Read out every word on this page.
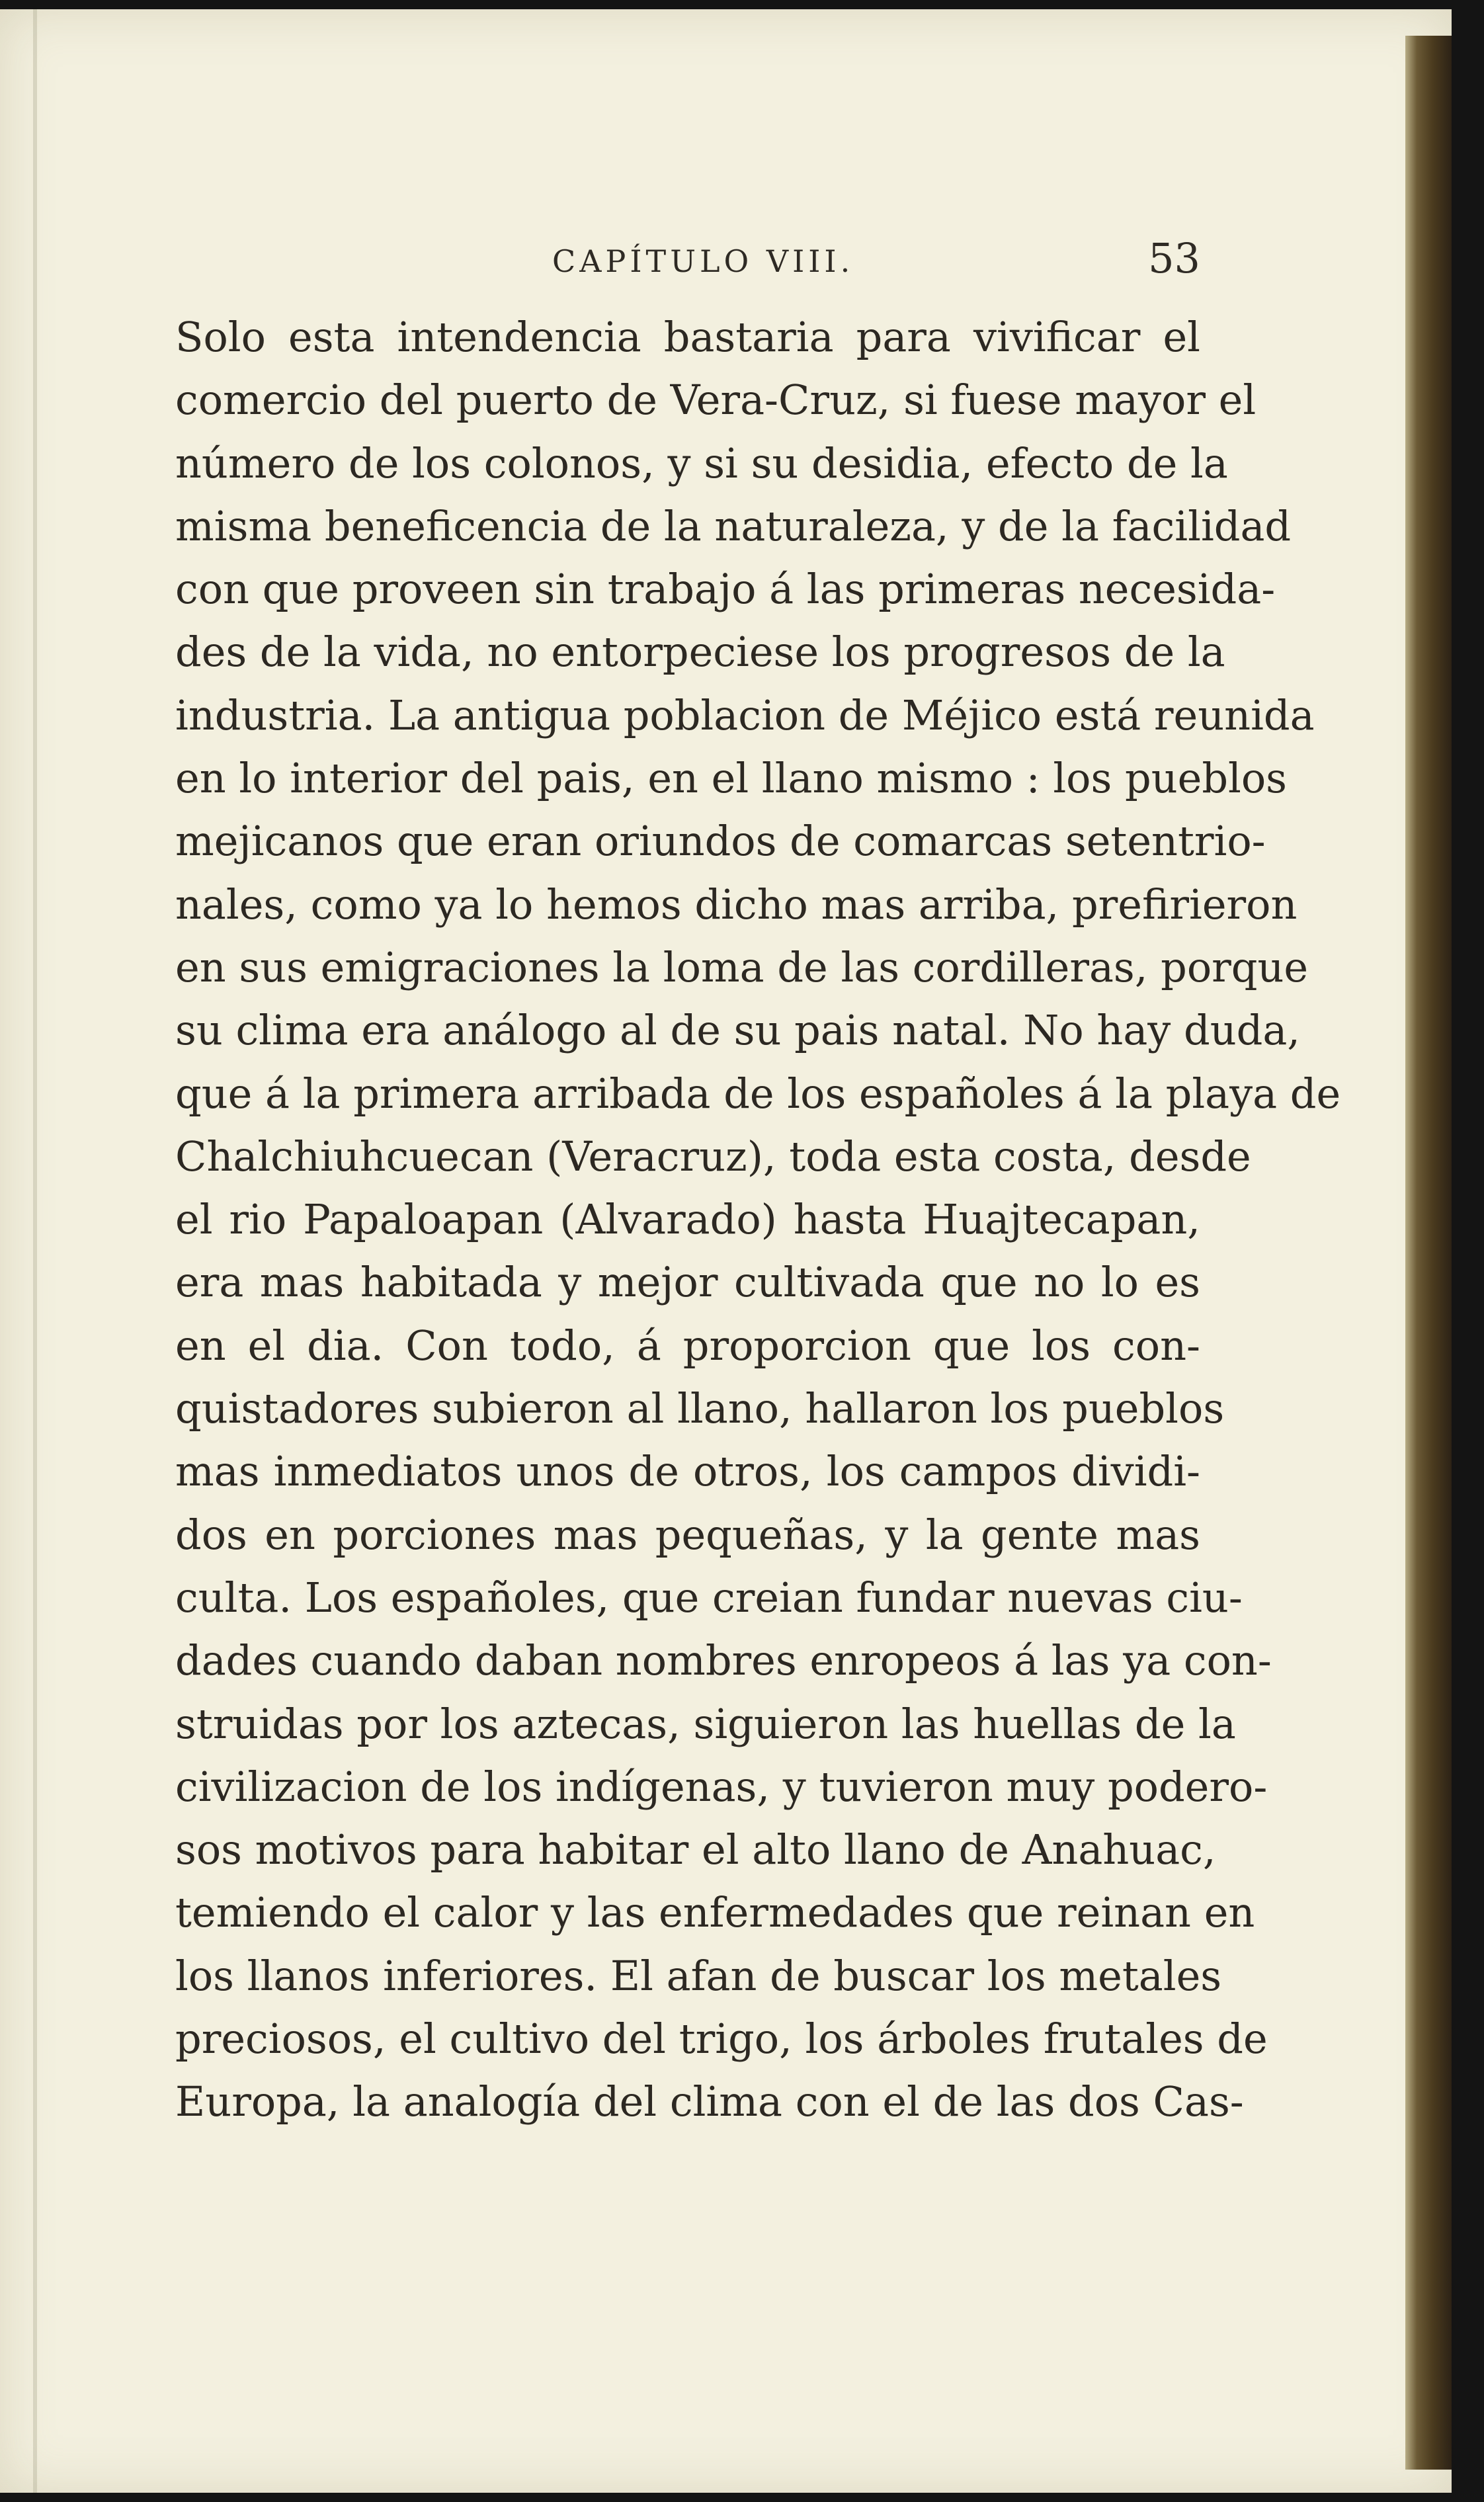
CAPÍTULO VIII.	53
Solo esta intendencia bastaria para vivificar el
comercio del puerto de Vera-Cruz, si fuese mayor el
número de los colonos, y si su desidia, efecto de la
misma beneficencia de la naturaleza, y de la facilidad
con que proveen sin trabajo á las primeras necesida-
des de la vida, no entorpeciese los progresos de la
industria. La antigua poblacion de Méjico está reunida
en lo interior del pais, en el llano mismo : los pueblos
mejicanos que eran oriundos de comarcas setentrio-
nales, como ya lo hemos dicho mas arriba, prefirieron
en sus emigraciones la loma de las cordilleras, porque
su clima era análogo al de su pais natal. No hay duda,
que á la primera arribada de los españoles á la playa de
Chalchiuhcuecan (Veracruz), toda esta costa, desde
el rio Papaloapan (Alvarado) hasta Huajtecapan,
era mas habitada y mejor cultivada que no lo es
en el dia. Con todo, á proporcion que los con-
quistadores subieron al llano, hallaron los pueblos
mas inmediatos unos de otros, los campos dividi-
dos en porciones mas pequeñas, y la gente mas
culta. Los españoles, que creian fundar nuevas ciu-
dades cuando daban nombres enropeos á las ya con-
struidas por los aztecas, siguieron las huellas de la
civilizacion de los indígenas, y tuvieron muy podero-
sos motivos para habitar el alto llano de Anahuac,
temiendo el calor y las enfermedades que reinan en
los llanos inferiores. El afan de buscar los metales
preciosos, el cultivo del trigo, los árboles frutales de
Europa, la analogía del clima con el de las dos Cas-
